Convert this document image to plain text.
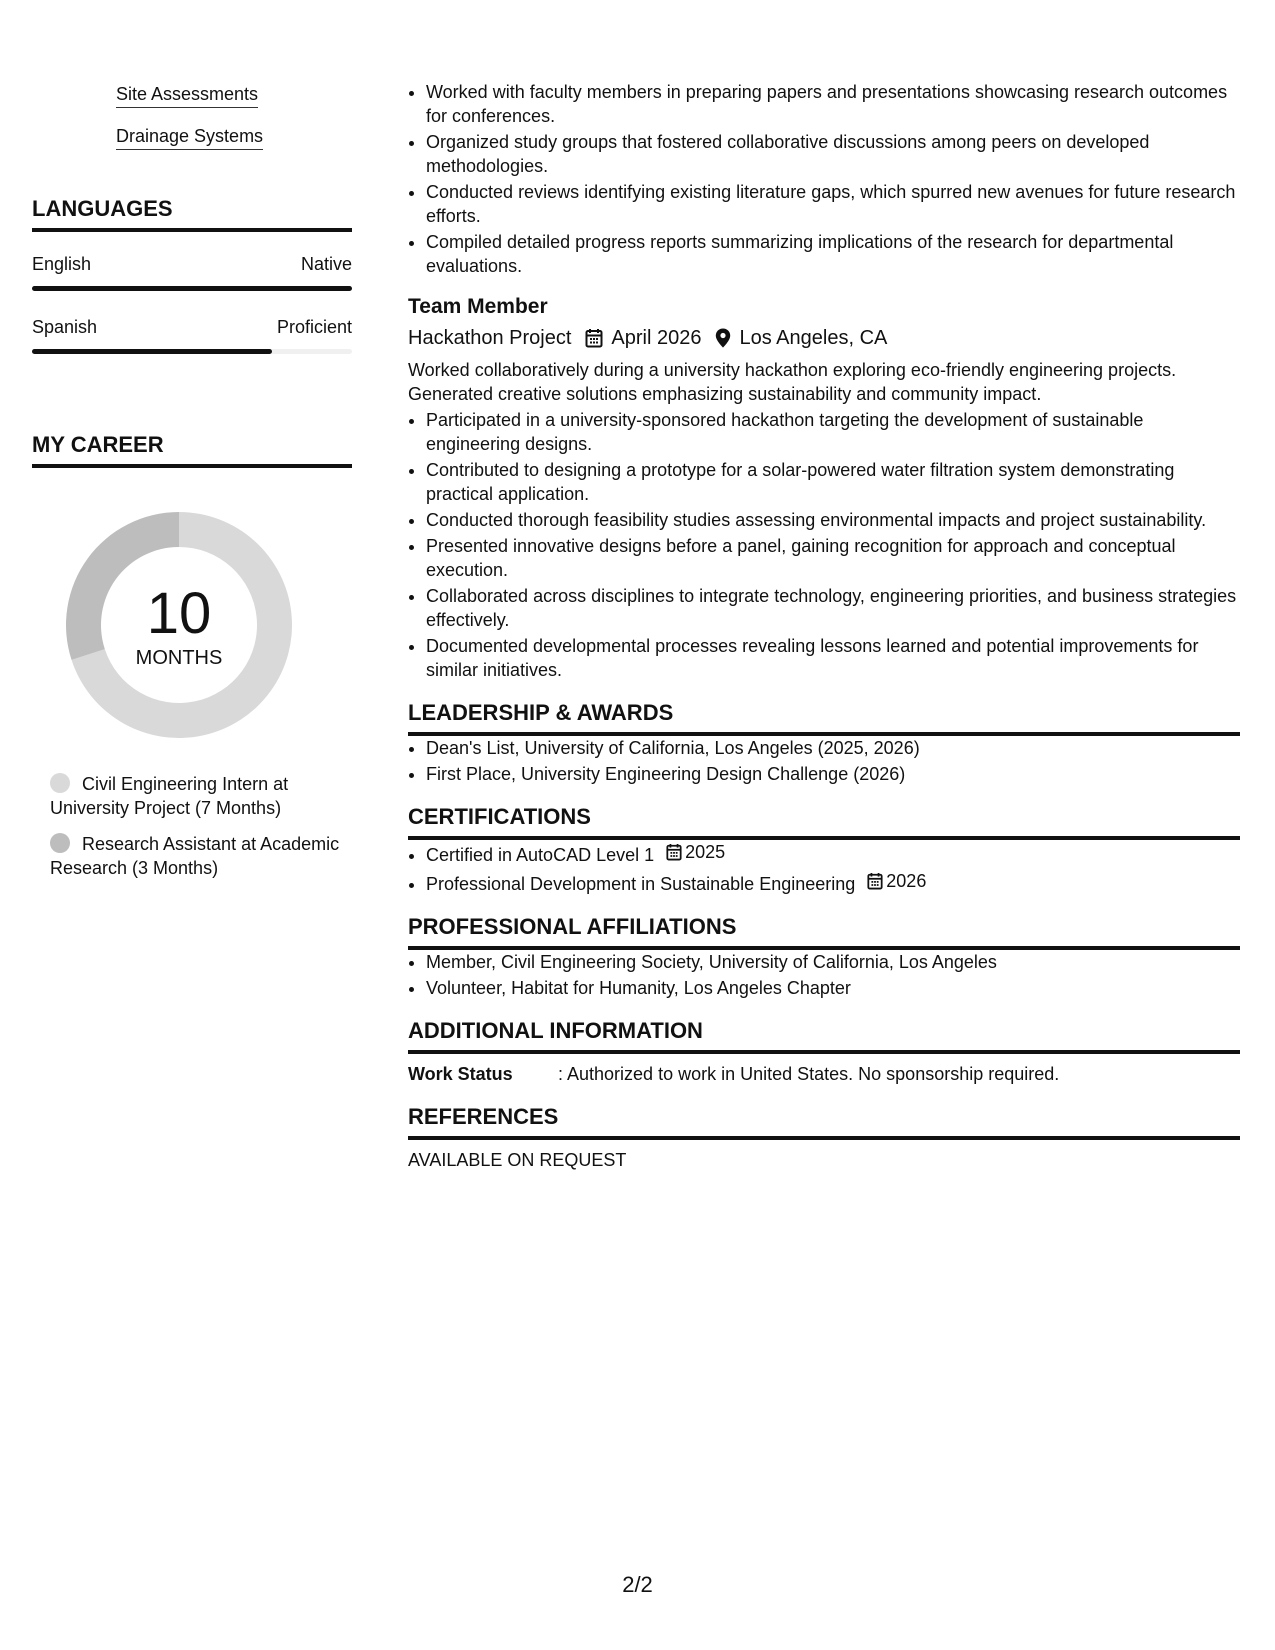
Site Assessments
Drainage Systems
LANGUAGES
English	Native
Spanish	Proficient
MY CAREER
10
MONTHS
Civil Engineering Intern at University Project (7 Months)
Research Assistant at Academic Research (3 Months)
• Worked with faculty members in preparing papers and presentations showcasing research outcomes for conferences.
• Organized study groups that fostered collaborative discussions among peers on developed methodologies.
• Conducted reviews identifying existing literature gaps, which spurred new avenues for future research efforts.
• Compiled detailed progress reports summarizing implications of the research for departmental evaluations.
Team Member
Hackathon Project April 2026 Los Angeles, CA
Worked collaboratively during a university hackathon exploring eco-friendly engineering projects. Generated creative solutions emphasizing sustainability and community impact.
• Participated in a university-sponsored hackathon targeting the development of sustainable engineering designs.
• Contributed to designing a prototype for a solar-powered water filtration system demonstrating practical application.
• Conducted thorough feasibility studies assessing environmental impacts and project sustainability.
• Presented innovative designs before a panel, gaining recognition for approach and conceptual execution.
• Collaborated across disciplines to integrate technology, engineering priorities, and business strategies effectively.
• Documented developmental processes revealing lessons learned and potential improvements for similar initiatives.
LEADERSHIP & AWARDS
• Dean's List, University of California, Los Angeles (2025, 2026)
• First Place, University Engineering Design Challenge (2026)
CERTIFICATIONS
• Certified in AutoCAD Level 1 2025
• Professional Development in Sustainable Engineering 2026
PROFESSIONAL AFFILIATIONS
• Member, Civil Engineering Society, University of California, Los Angeles
• Volunteer, Habitat for Humanity, Los Angeles Chapter
ADDITIONAL INFORMATION
Work Status	: Authorized to work in United States. No sponsorship required.
REFERENCES
AVAILABLE ON REQUEST
2/2
